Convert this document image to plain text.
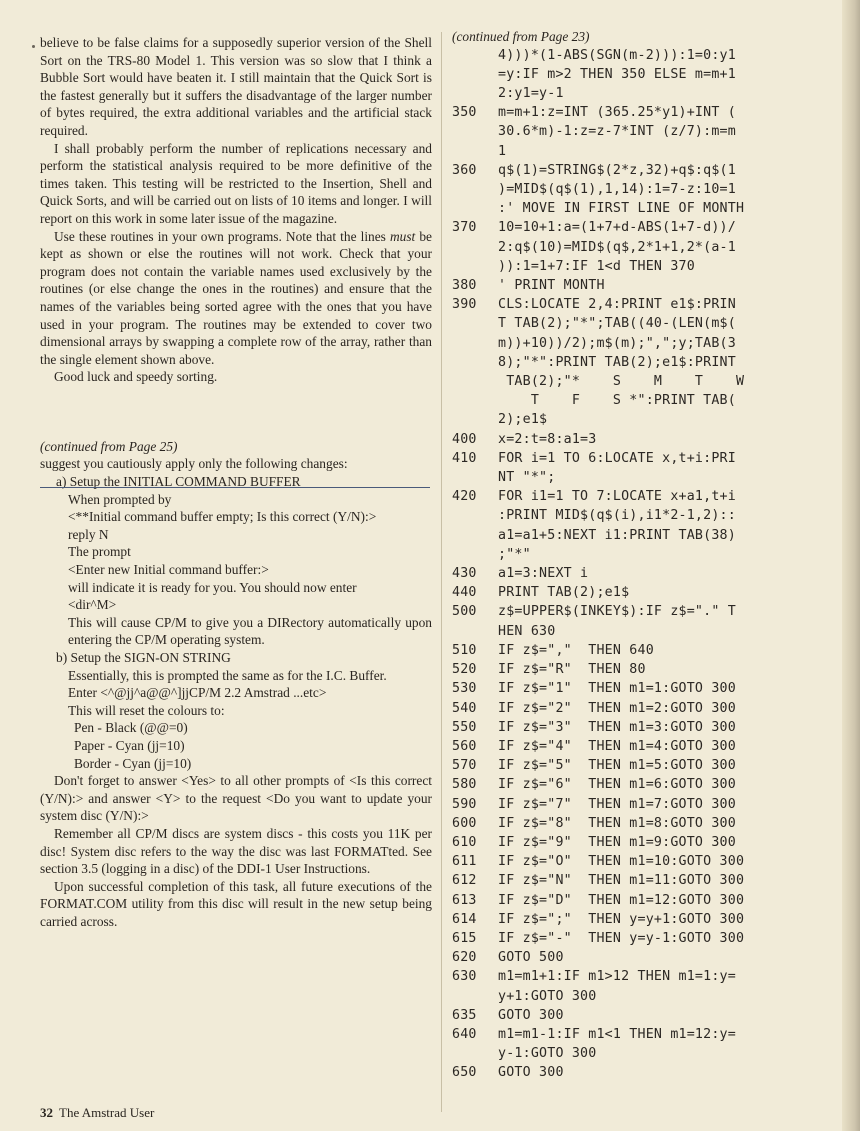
believe to be false claims for a supposedly superior version of the Shell Sort on the TRS-80 Model 1. This version was so slow that I think a Bubble Sort would have beaten it. I still maintain that the Quick Sort is the fastest generally but it suffers the disadvantage of the larger number of bytes required, the extra additional variables and the artificial stack required.

I shall probably perform the number of replications necessary and perform the statistical analysis required to be more definitive of the times taken. This testing will be restricted to the Insertion, Shell and Quick Sorts, and will be carried out on lists of 10 items and longer. I will report on this work in some later issue of the magazine.

Use these routines in your own programs. Note that the lines must be kept as shown or else the routines will not work. Check that your program does not contain the variable names used exclusively by the routines (or else change the ones in the routines) and ensure that the names of the variables being sorted agree with the ones that you have used in your program. The routines may be extended to cover two dimensional arrays by swapping a complete row of the array, rather than the single element shown above.

Good luck and speedy sorting.

(continued from Page 25)

suggest you cautiously apply only the following changes:

a) Setup the INITIAL COMMAND BUFFER

When prompted by

<**Initial command buffer empty; Is this correct (Y/N):>

reply N

The prompt

<Enter new Initial command buffer:>

will indicate it is ready for you. You should now enter

<dir^M>

This will cause CP/M to give you a DIRectory automatically upon entering the CP/M operating system.

b) Setup the SIGN-ON STRING

Essentially, this is prompted the same as for the I.C. Buffer.

Enter <^@jj^a@@^]jjCP/M 2.2 Amstrad ...etc>

This will reset the colours to:

Pen - Black (@@=0)

Paper - Cyan (jj=10)

Border - Cyan (jj=10)

Don't forget to answer <Yes> to all other prompts of <Is this correct (Y/N):> and answer <Y> to the request <Do you want to update your system disc (Y/N):>

Remember all CP/M discs are system discs - this costs you 11K per disc! System disc refers to the way the disc was last FORMATted. See section 3.5 (logging in a disc) of the DDI-1 User Instructions.

Upon successful completion of this task, all future executions of the FORMAT.COM utility from this disc will result in the new setup being carried across.

(continued from Page 23)

4)))*(1-ABS(SGN(m-2))):1=0:y1
=y:IF m>2 THEN 350 ELSE m=m+1
2:y1=y-1
350	m=m+1:z=INT (365.25*y1)+INT (
30.6*m)-1:z=z-7*INT (z/7):m=m
1
360	q$(1)=STRING$(2*z,32)+q$:q$(1
)=MID$(q$(1),1,14):1=7-z:10=1
:' MOVE IN FIRST LINE OF MONTH
370	10=10+1:a=(1+7+d-ABS(1+7-d))/
2:q$(10)=MID$(q$,2*1+1,2*(a-1
)):1=1+7:IF 1<d THEN 370
380	' PRINT MONTH
390	CLS:LOCATE 2,4:PRINT e1$:PRIN
T TAB(2);"*";TAB((40-(LEN(m$(
m))+10))/2);m$(m);",";y;TAB(3
8);"*":PRINT TAB(2);e1$:PRINT
TAB(2);"*    S    M    T    W
T    F    S *":PRINT TAB(
2);e1$
400	x=2:t=8:a1=3
410	FOR i=1 TO 6:LOCATE x,t+i:PRI
NT "*";
420	FOR i1=1 TO 7:LOCATE x+a1,t+i
:PRINT MID$(q$(i),i1*2-1,2)::
a1=a1+5:NEXT i1:PRINT TAB(38)
;"*"
430	a1=3:NEXT i
440	PRINT TAB(2);e1$
500	z$=UPPER$(INKEY$):IF z$="." T
HEN 630
510	IF z$=","  THEN 640
520	IF z$="R"  THEN 80
530	IF z$="1"  THEN m1=1:GOTO 300
540	IF z$="2"  THEN m1=2:GOTO 300
550	IF z$="3"  THEN m1=3:GOTO 300
560	IF z$="4"  THEN m1=4:GOTO 300
570	IF z$="5"  THEN m1=5:GOTO 300
580	IF z$="6"  THEN m1=6:GOTO 300
590	IF z$="7"  THEN m1=7:GOTO 300
600	IF z$="8"  THEN m1=8:GOTO 300
610	IF z$="9"  THEN m1=9:GOTO 300
611	IF z$="O"  THEN m1=10:GOTO 300
612	IF z$="N"  THEN m1=11:GOTO 300
613	IF z$="D"  THEN m1=12:GOTO 300
614	IF z$=";"  THEN y=y+1:GOTO 300
615	IF z$="-"  THEN y=y-1:GOTO 300
620	GOTO 500
630	m1=m1+1:IF m1>12 THEN m1=1:y=
y+1:GOTO 300
635	GOTO 300
640	m1=m1-1:IF m1<1 THEN m1=12:y=
y-1:GOTO 300
650	GOTO 300
32 The Amstrad User
